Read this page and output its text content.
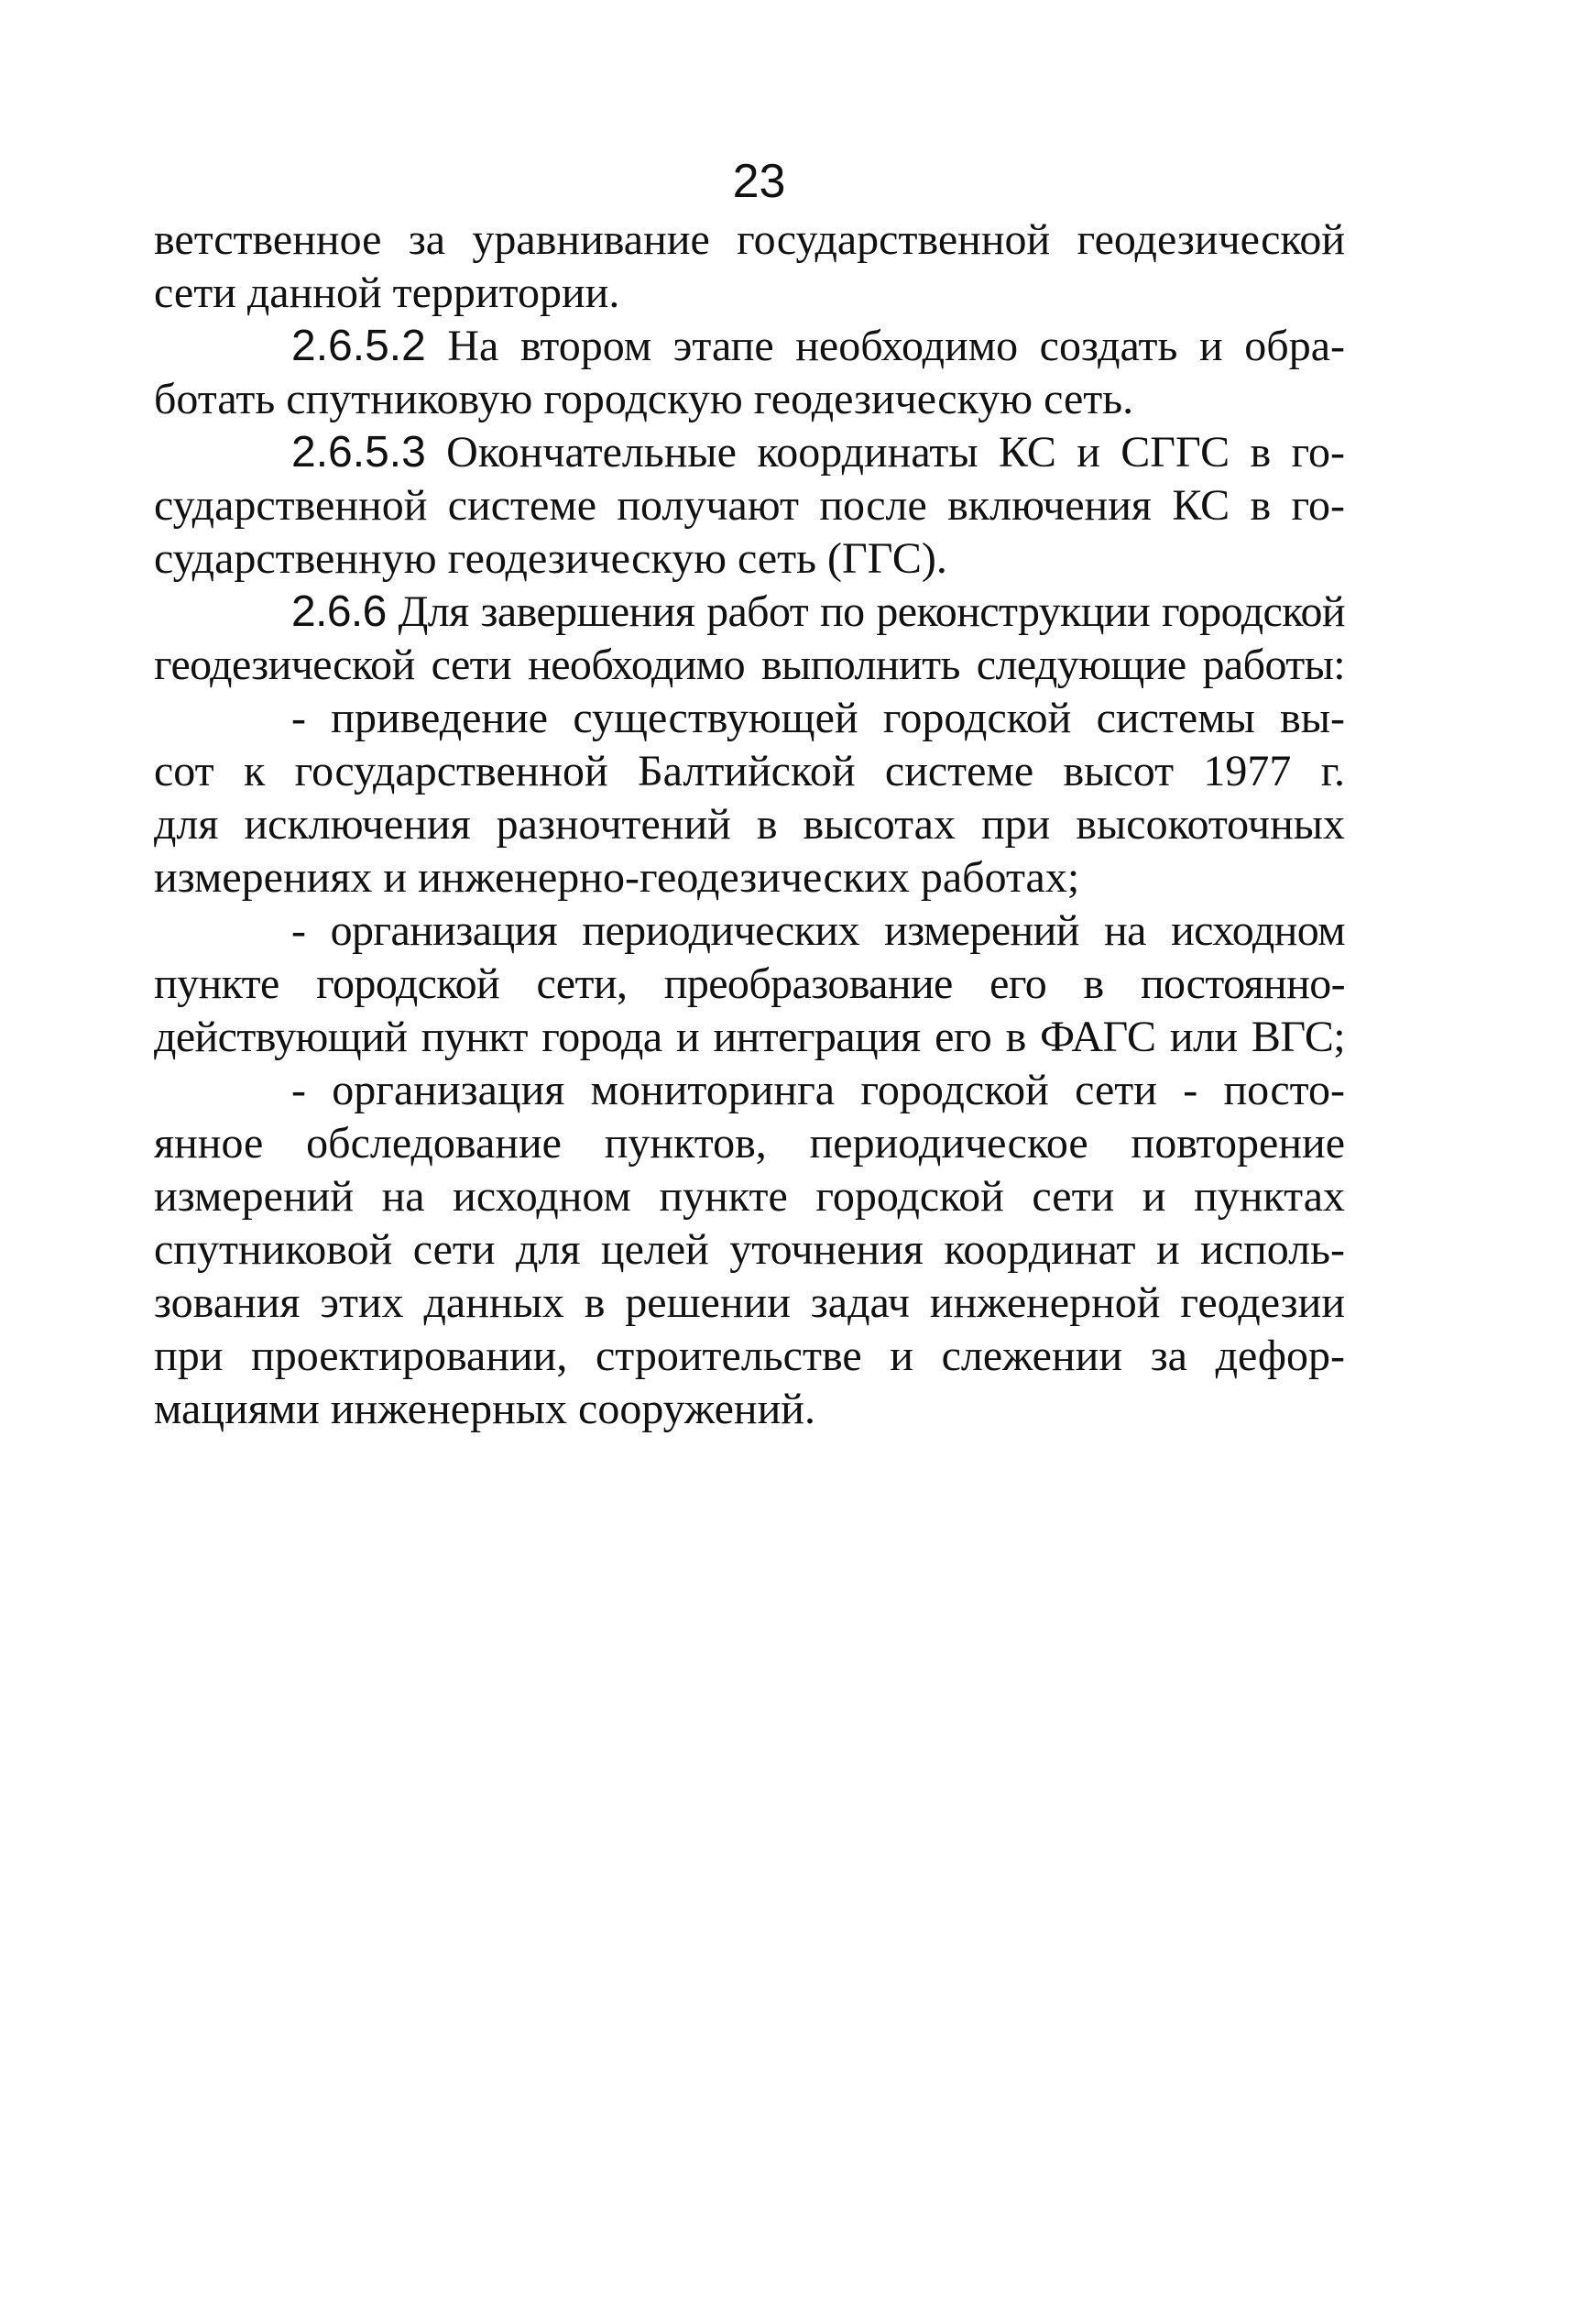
23
ветственное за уравнивание государственной геодезической
сети данной территории.
2.6.5.2 На втором этапе необходимо создать и обра-
ботать спутниковую городскую геодезическую сеть.
2.6.5.3 Окончательные координаты КС и СГГС в го-
сударственной системе получают после включения КС в го-
сударственную геодезическую сеть (ГГС).
2.6.6 Для завершения работ по реконструкции городской
геодезической сети необходимо выполнить следующие работы:
- приведение существующей городской системы вы-
сот к государственной Балтийской системе высот 1977 г.
для исключения разночтений в высотах при высокоточных
измерениях и инженерно-геодезических работах;
- организация периодических измерений на исходном
пункте городской сети, преобразование его в постоянно-
действующий пункт города и интеграция его в ФАГС или ВГС;
- организация мониторинга городской сети - посто-
янное обследование пунктов, периодическое повторение
измерений на исходном пункте городской сети и пунктах
спутниковой сети для целей уточнения координат и исполь-
зования этих данных в решении задач инженерной геодезии
при проектировании, строительстве и слежении за дефор-
мациями инженерных сооружений.
